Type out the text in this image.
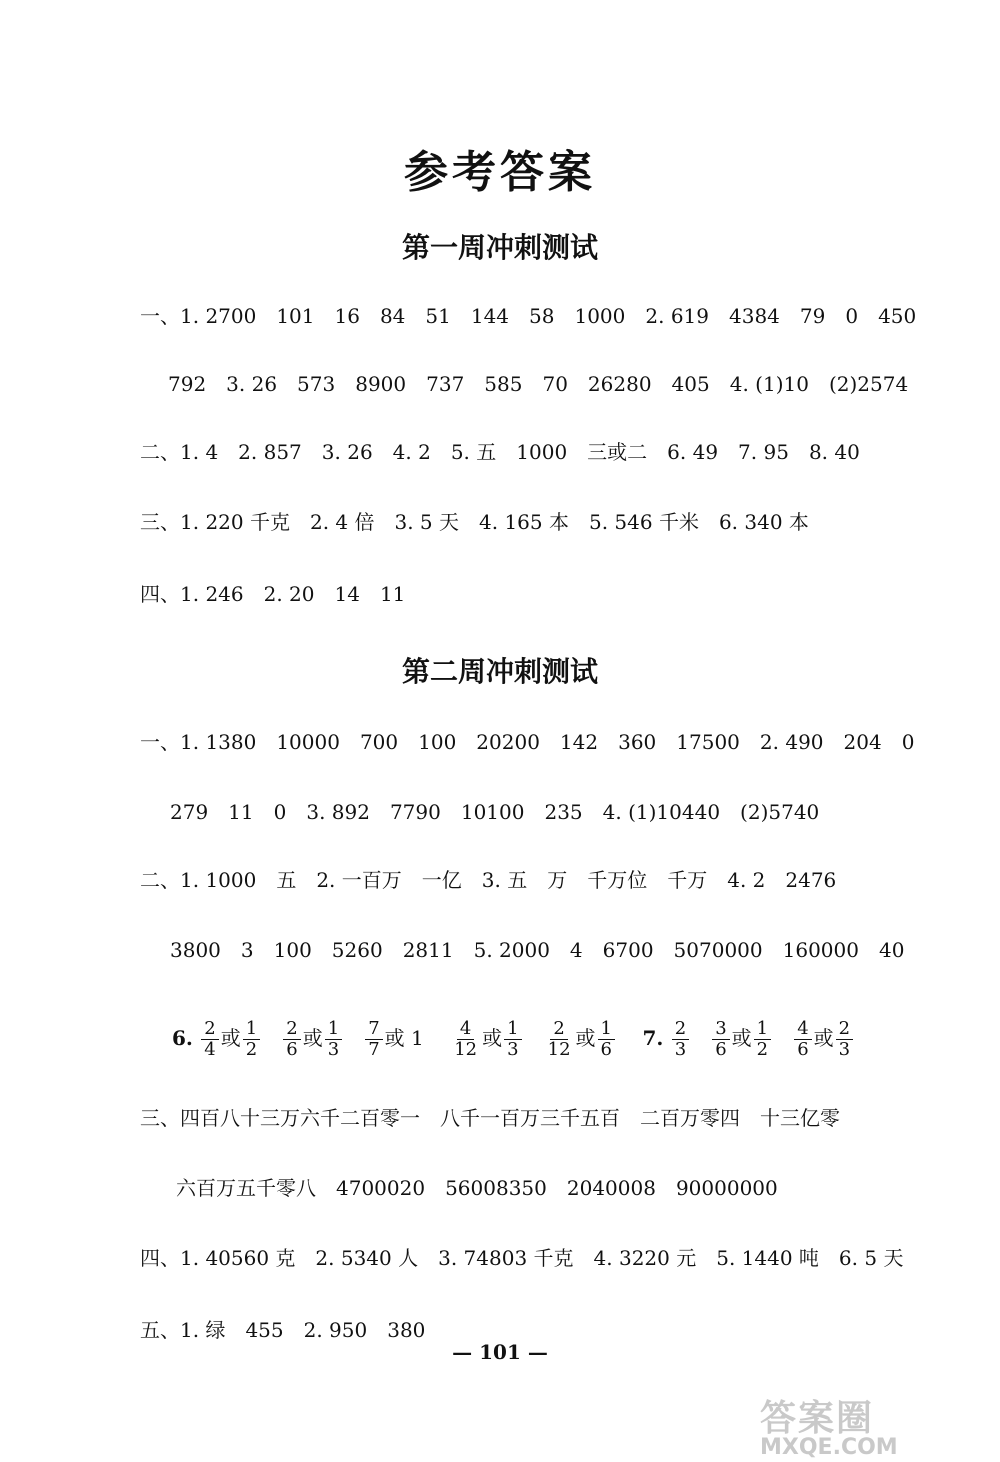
参考答案
第一周冲刺测试
一、1. 2700　101　16　84　51　144　58　1000　2. 619　4384　79　0　450
792　3. 26　573　8900　737　585　70　26280　405　4. (1)10　(2)2574
二、1. 4　2. 857　3. 26　4. 2　5. 五　1000　三或二　6. 49　7. 95　8. 40
三、1. 220 千克　2. 4 倍　3. 5 天　4. 165 本　5. 546 千米　6. 340 本
四、1. 246　2. 20　14　11
第二周冲刺测试
一、1. 1380　10000　700　100　20200　142　360　17500　2. 490　204　0
279　11　0　3. 892　7790　10100　235　4. (1)10440　(2)5740
二、1. 1000　五　2. 一百万　一亿　3. 五　万　千万位　千万　4. 2　2476
3800　3　100　5260　2811　5. 2000　4　6700　5070000　160000　40
6. $\frac{2}{4}$ 或 $\frac{1}{2}$
$\frac{2}{6}$ 或 $\frac{1}{3}$
$\frac{7}{7}$ 或 $1 \frac{4}{12}$ 或 $\frac{1}{3}$
$\frac{2}{12}$ 或 $\frac{1}{6} 7$. $\frac{2}{3}$
$\frac{3}{6}$ 或 $\frac{1}{2}$
$\frac{4}{6}$ 或 $\frac{2}{3}$
三、四百八十三万六千二百零一　八千一百万三千五百　二百万零四　十三亿零
六百万五千零八　4700020　56008350　2040008　90000000
四、1. 40560 克　2. 5340 人　3. 74803 千克　4. 3220 元　5. 1440 吨　6. 5 天
五、1. 绿　455　2. 950　380
— 101 —
答案圈
MXQE.COM
